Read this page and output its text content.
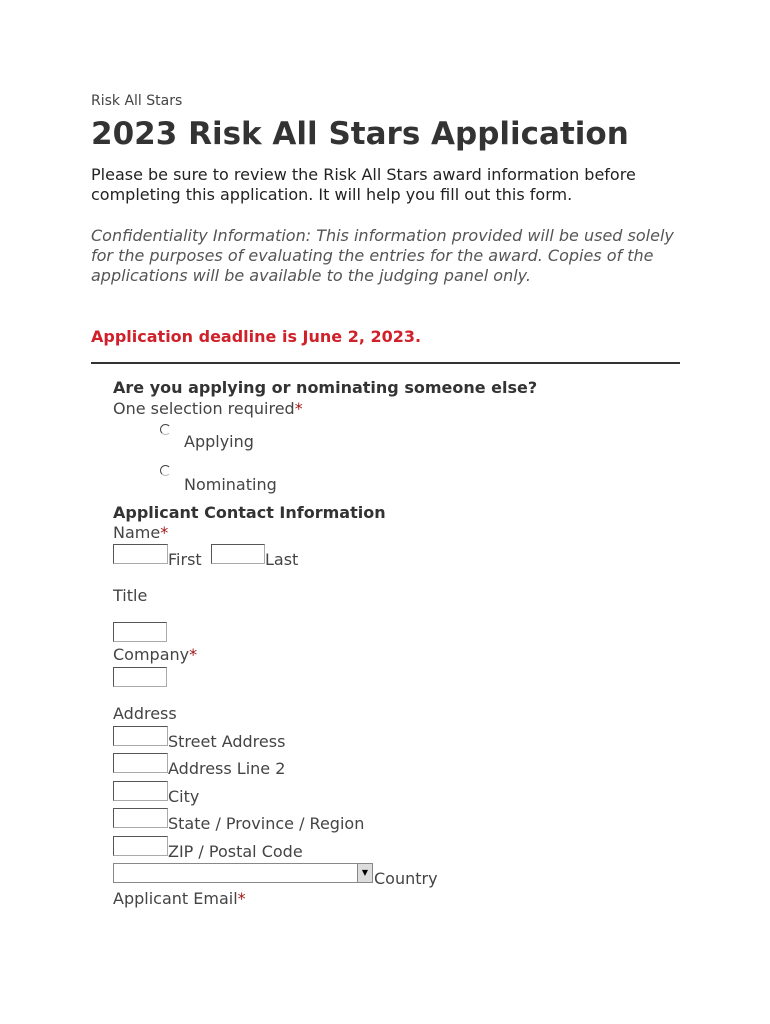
Risk All Stars
2023 Risk All Stars Application
Please be sure to review the Risk All Stars award information before completing this application. It will help you fill out this form.
Confidentiality Information: This information provided will be used solely for the purposes of evaluating the entries for the award. Copies of the applications will be available to the judging panel only.
Application deadline is June 2, 2023.
Are you applying or nominating someone else?
One selection required*
Applying
Nominating
Applicant Contact Information
Name*
First	Last
Title
Company*
Address
Street Address
Address Line 2
City
State / Province / Region
ZIP / Postal Code
▼ Country
Applicant Email*
